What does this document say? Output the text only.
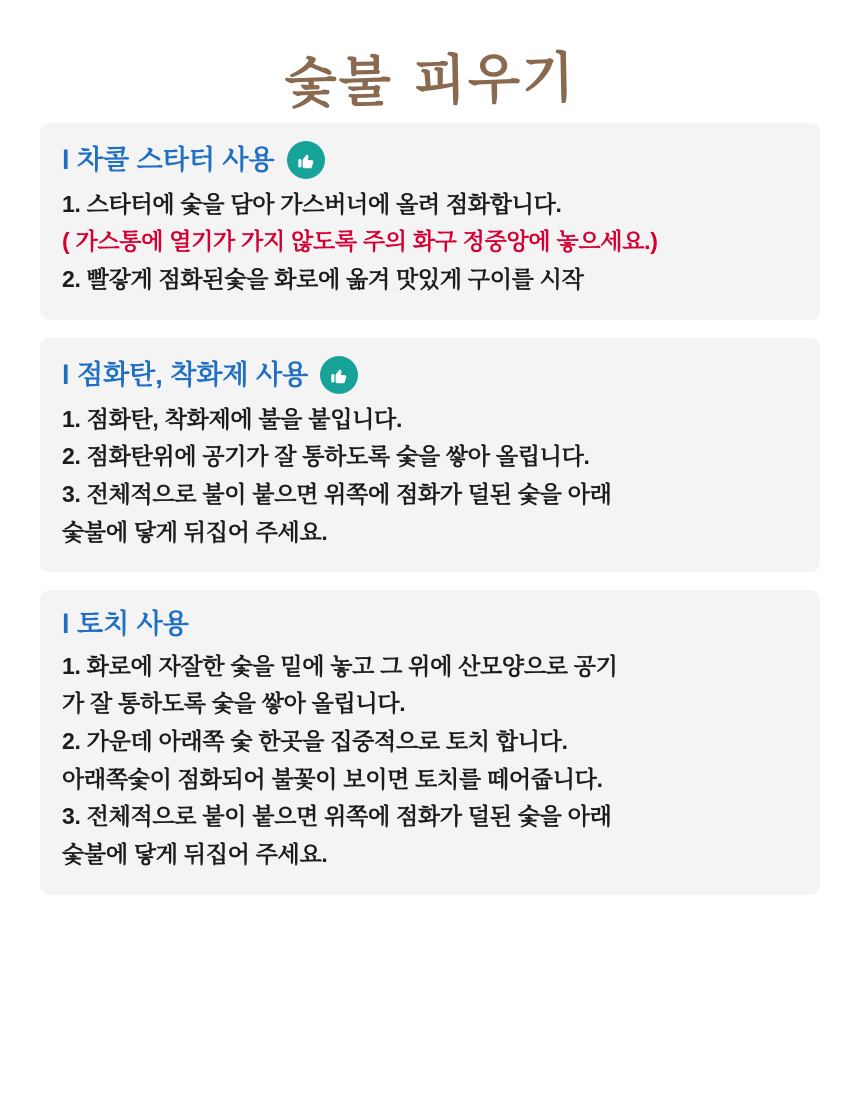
숯불 피우기
l 차콜 스타터 사용
1. 스타터에 숯을 담아 가스버너에 올려 점화합니다.
( 가스통에 열기가 가지 않도록 주의 화구 정중앙에 놓으세요.)
2. 빨갛게 점화된숯을 화로에 옮겨 맛있게 구이를 시작
l 점화탄, 착화제 사용
1. 점화탄, 착화제에 불을 붙입니다.
2. 점화탄위에 공기가 잘 통하도록 숯을 쌓아 올립니다.
3. 전체적으로 불이 붙으면 위쪽에 점화가 덜된 숯을 아래
숯불에 닿게 뒤집어 주세요.
l 토치 사용
1. 화로에 자잘한 숯을 밑에 놓고 그 위에 산모양으로 공기
가 잘 통하도록 숯을 쌓아 올립니다.
2. 가운데 아래쪽 숯 한곳을 집중적으로 토치 합니다.
아래쪽숯이 점화되어 불꽃이 보이면 토치를 떼어줍니다.
3. 전체적으로 붙이 붙으면 위쪽에 점화가 덜된 숯을 아래
숯불에 닿게 뒤집어 주세요.
